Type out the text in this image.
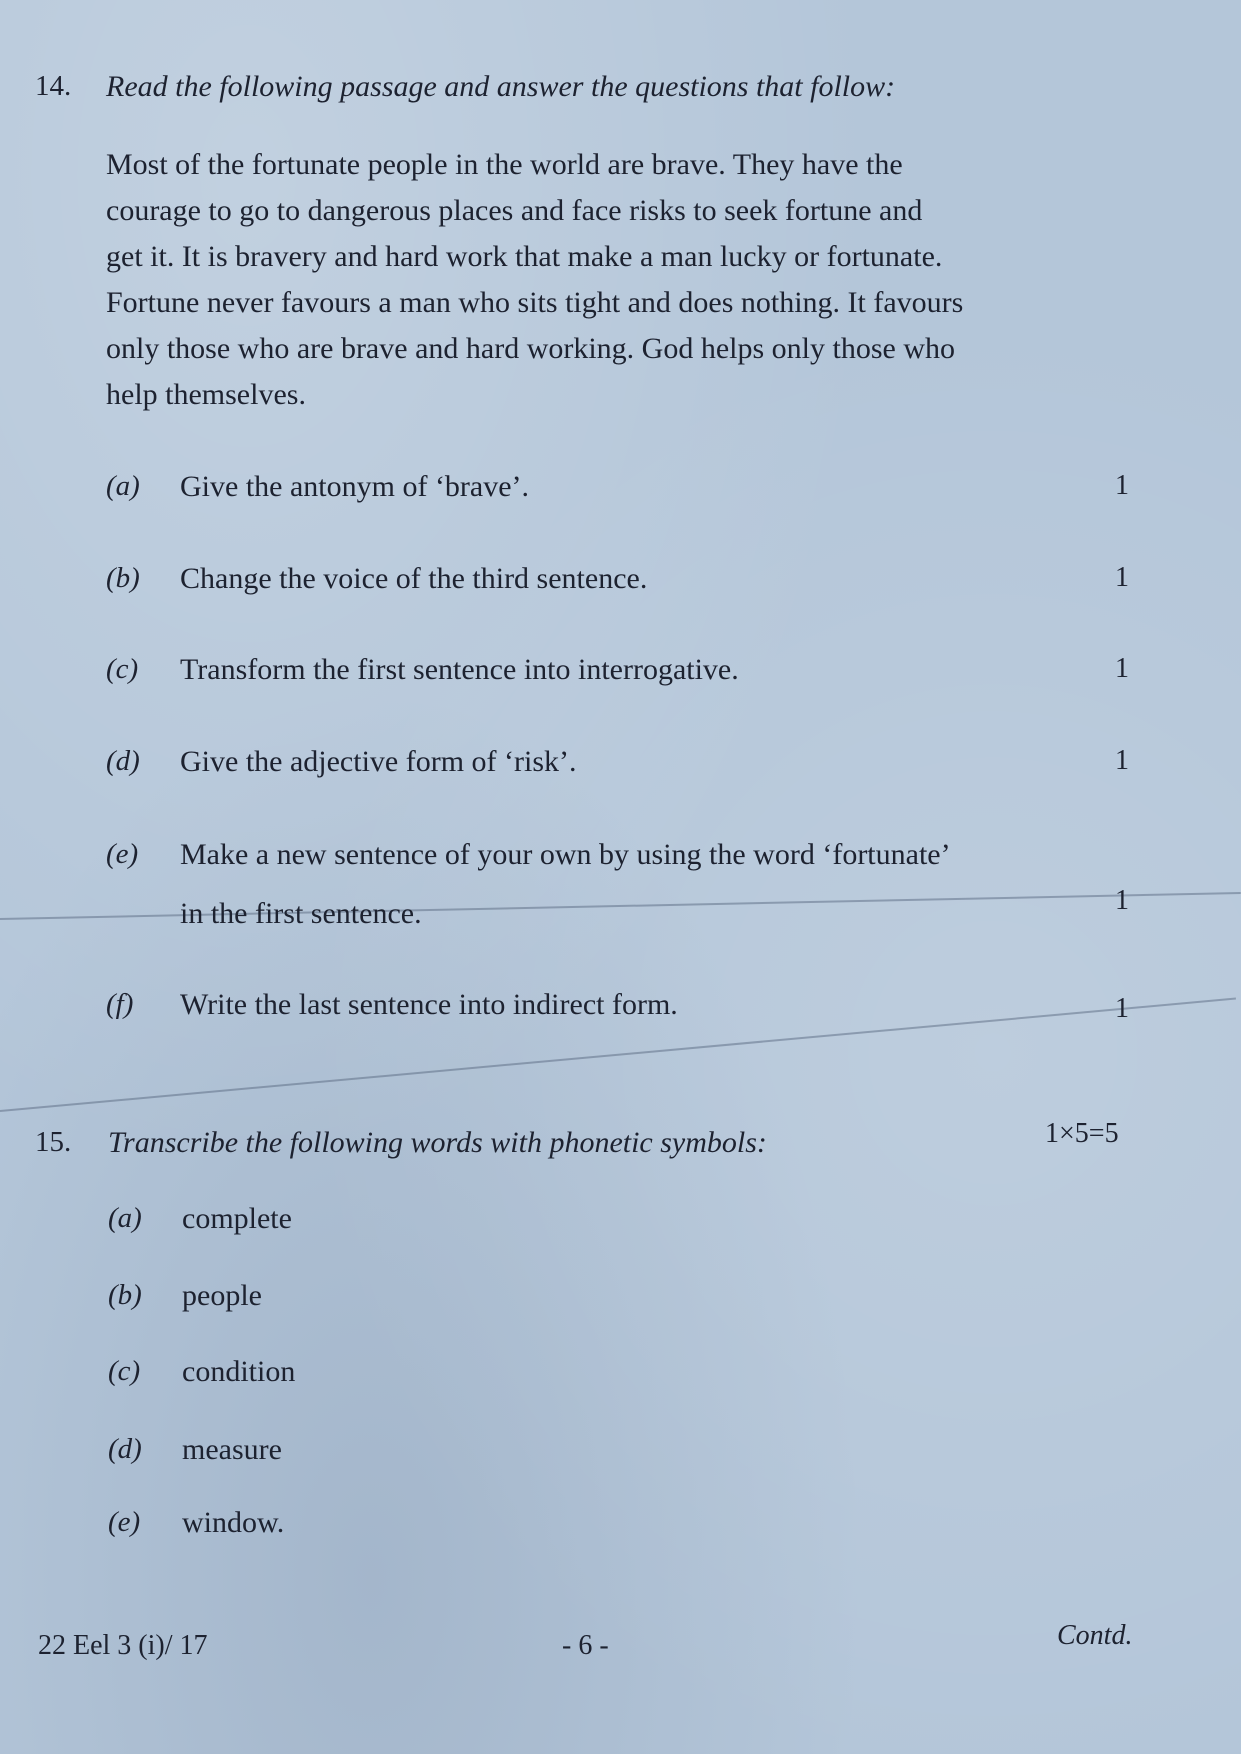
14. Read the following passage and answer the questions that follow:
Most of the fortunate people in the world are brave. They have the
courage to go to dangerous places and face risks to seek fortune and
get it. It is bravery and hard work that make a man lucky or fortunate.
Fortune never favours a man who sits tight and does nothing. It favours
only those who are brave and hard working. God helps only those who
help themselves.
(a) Give the antonym of ‘brave’.	1
(b) Change the voice of the third sentence.	1
(c) Transform the first sentence into interrogative.	1
(d) Give the adjective form of ‘risk’.	1
(e) Make a new sentence of your own by using the word ‘fortunate’
in the first sentence.	1
(f) Write the last sentence into indirect form.	1
15. Transcribe the following words with phonetic symbols:	1×5=5
(a) complete
(b) people
(c) condition
(d) measure
(e) window.
22 Eel 3 (i)/ 17	- 6 -	Contd.
